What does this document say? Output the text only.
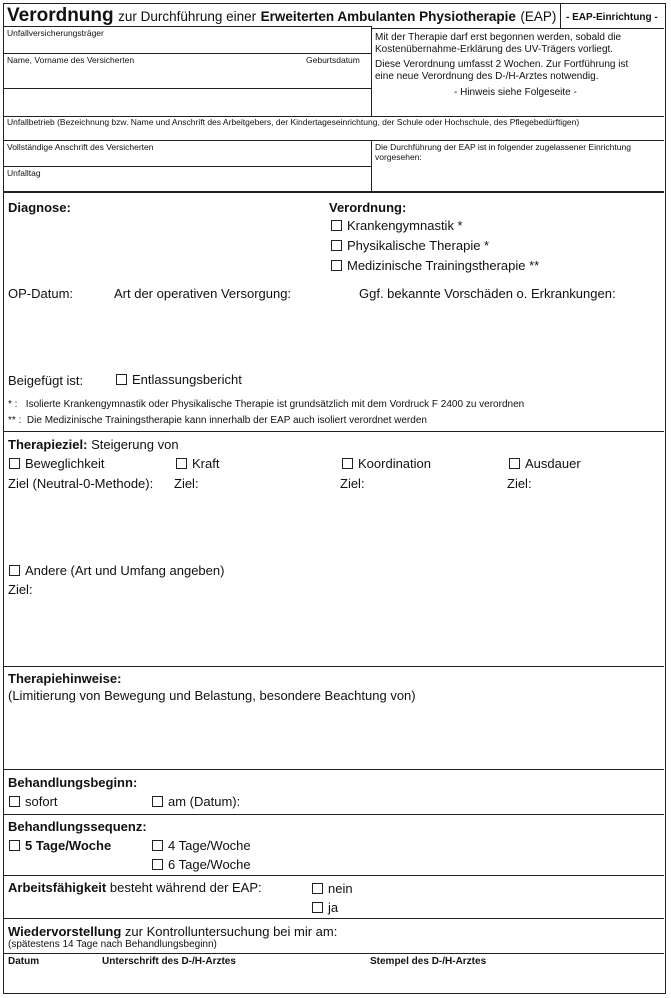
Verordnung zur Durchführung einer Erweiterten Ambulanten Physiotherapie (EAP) - EAP-Einrichtung -
Unfallversicherungsträger
Name, Vorname des Versicherten	Geburtsdatum
Mit der Therapie darf erst begonnen werden, sobald die
Kostenübernahme-Erklärung des UV-Trägers vorliegt.
Diese Verordnung umfasst 2 Wochen. Zur Fortführung ist
eine neue Verordnung des D-/H-Arztes notwendig.
- Hinweis siehe Folgeseite -
Unfallbetrieb (Bezeichnung bzw. Name und Anschrift des Arbeitgebers, der Kindertageseinrichtung, der Schule oder Hochschule, des Pflegebedürftigen)
Vollständige Anschrift des Versicherten	Die Durchführung der EAP ist in folgender zugelassener Einrichtung
vorgesehen:
Unfalltag
Diagnose:	Verordnung:
Krankengymnastik *
Physikalische Therapie *
Medizinische Trainingstherapie **
OP-Datum:	Art der operativen Versorgung:	Ggf. bekannte Vorschäden o. Erkrankungen:
Beigefügt ist:	Entlassungsbericht
* : Isolierte Krankengymnastik oder Physikalische Therapie ist grundsätzlich mit dem Vordruck F 2400 zu verordnen
** : Die Medizinische Trainingstherapie kann innerhalb der EAP auch isoliert verordnet werden
Therapieziel: Steigerung von
Beweglichkeit	Kraft	Koordination	Ausdauer
Ziel (Neutral-0-Methode): Ziel:	Ziel:	Ziel:
Andere (Art und Umfang angeben)
Ziel:
Therapiehinweise:
(Limitierung von Bewegung und Belastung, besondere Beachtung von)
Behandlungsbeginn:
sofort	am (Datum):
Behandlungssequenz:
5 Tage/Woche	4 Tage/Woche
6 Tage/Woche
Arbeitsfähigkeit besteht während der EAP:	nein
ja
Wiedervorstellung zur Kontrolluntersuchung bei mir am:
(spätestens 14 Tage nach Behandlungsbeginn)
Datum	Unterschrift des D-/H-Arztes	Stempel des D-/H-Arztes
